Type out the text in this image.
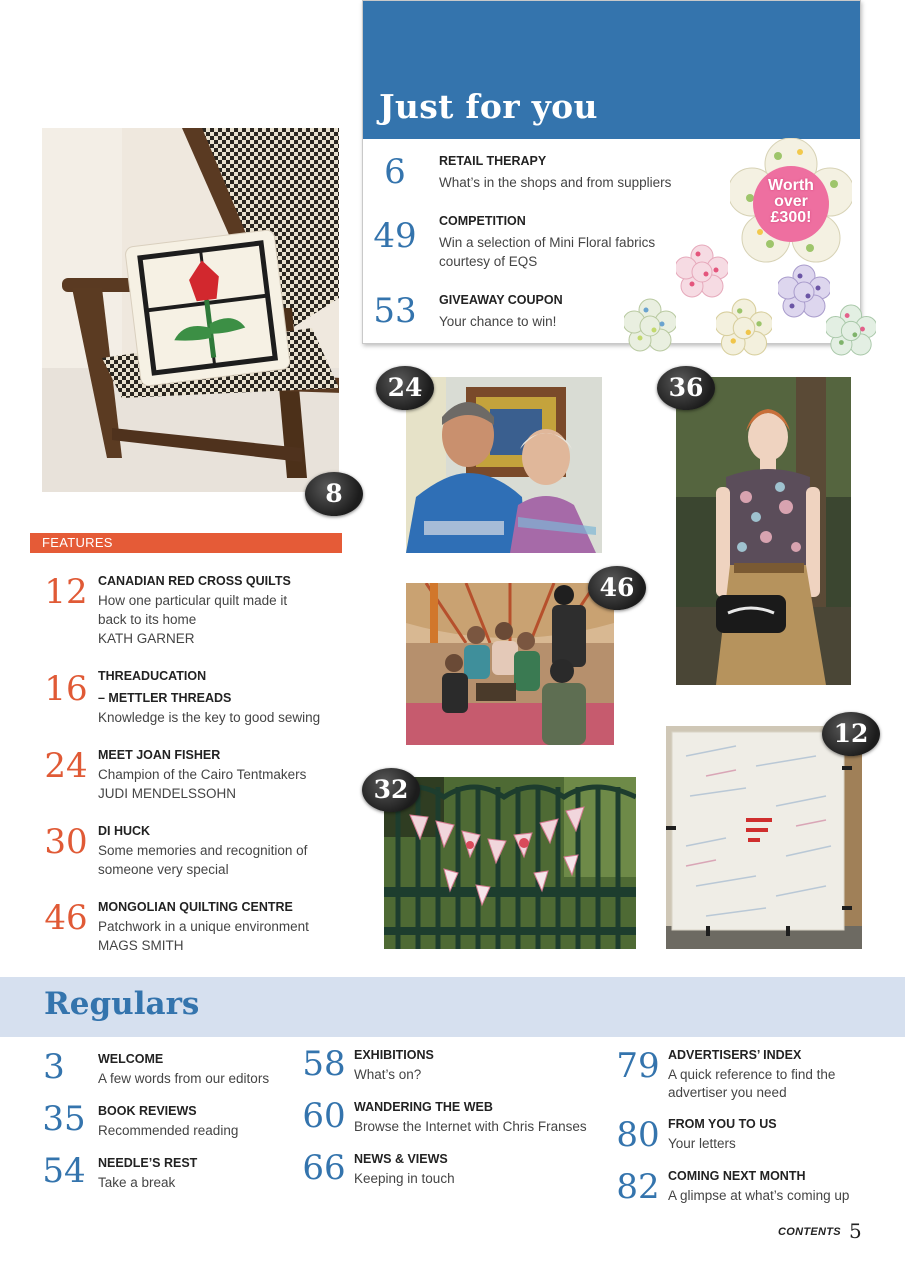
8
Just for you
6	RETAIL THERAPY
What’s in the shops and from suppliers
49	COMPETITION
Win a selection of Mini Floral fabrics courtesy of EQS
53	GIVEAWAY COUPON
Your chance to win!
Worth
over
£300!
24	36
46
32
12
FEATURES
12 CANADIAN RED CROSS QUILTS
How one particular quilt made it
back to its home
KATH GARNER
16 THREADUCATION
– METTLER THREADS
Knowledge is the key to good sewing
24 MEET JOAN FISHER
Champion of the Cairo Tentmakers
JUDI MENDELSSOHN
30 DI HUCK
Some memories and recognition of
someone very special
46 MONGOLIAN QUILTING CENTRE
Patchwork in a unique environment
MAGS SMITH
Regulars
3	WELCOME
A few words from our editors
35 BOOK REVIEWS
Recommended reading
54 NEEDLE’S REST
Take a break
58 EXHIBITIONS
What’s on?
60 WANDERING THE WEB
Browse the Internet with Chris Franses
66 NEWS & VIEWS
Keeping in touch
79 ADVERTISERS’ INDEX
A quick reference to find the
advertiser you need
80 FROM YOU TO US
Your letters
82 COMING NEXT MONTH
A glimpse at what’s coming up
CONTENTS 5
